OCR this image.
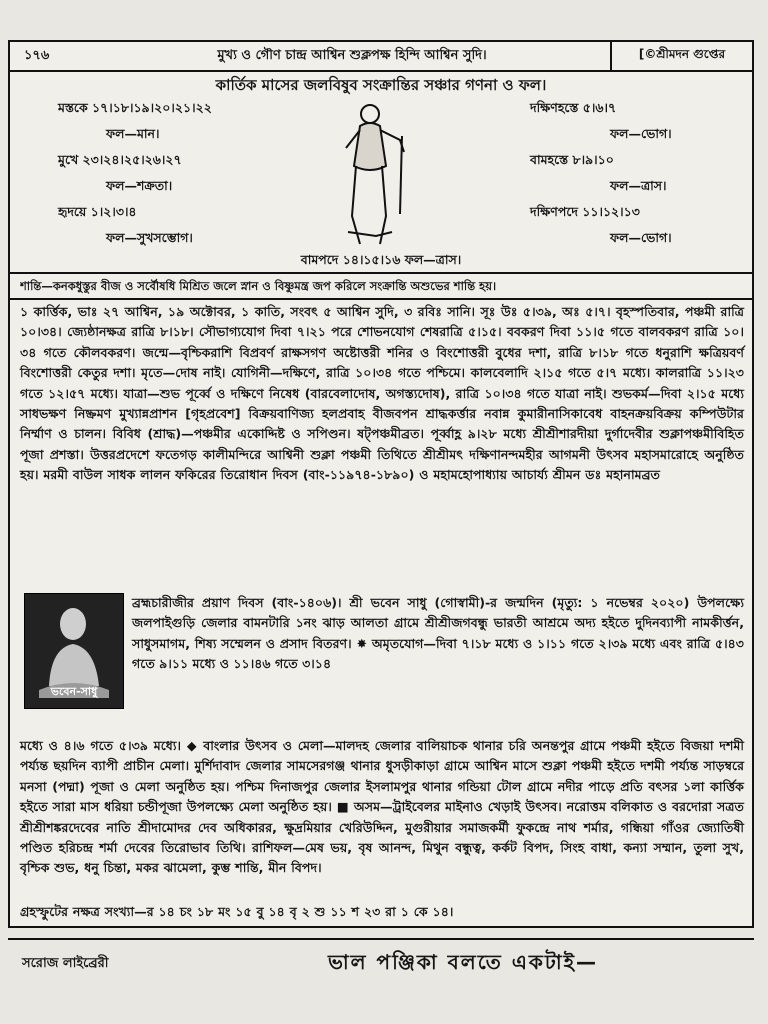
১৭৬	মুখ্য ও গৌণ চান্দ্র আশ্বিন শুক্লপক্ষ হিন্দি আশ্বিন সুদি।	[©শ্রীমদন গুপ্তের
কার্তিক মাসের জলবিষুব সংক্রান্তির সঞ্চার গণনা ও ফল।
মস্তকে ১৭।১৮।১৯।২০।২১।২২
ফল—মান।
মুখে ২৩।২৪।২৫।২৬।২৭
ফল—শক্রতা।
হৃদয়ে ১।২।৩।৪
ফল—সুখসম্ভোগ।
দক্ষিণহস্তে ৫।৬।৭
ফল—ভোগ।
বামহস্তে ৮।৯।১০
ফল—ত্রাস।
দক্ষিণপদে ১১।১২।১৩
ফল—ভোগ।
বামপদে ১৪।১৫।১৬ ফল—ত্রাস।
শান্তি—কনকধুস্তুর বীজ ও সর্বৌষধি মিশ্রিত জলে স্নান ও বিষ্ণুমন্ত্র জপ করিলে সংক্রান্তি অশুভের শান্তি হয়।
১ কার্ত্তিক, ভাঃ ২৭ আশ্বিন, ১৯ অক্টোবর, ১ কাতি, সংবৎ ৫ আশ্বিন সুদি, ৩ রবিঃ সানি। সূঃ উঃ ৫।৩৯, অঃ ৫।৭। বৃহস্পতিবার, পঞ্চমী রাত্রি ১০।৩৪। জ্যেষ্ঠানক্ষত্র রাত্রি ৮।১৮। সৌভাগ্যযোগ দিবা ৭।২১ পরে শোভনযোগ শেষরাত্রি ৫।১৫। ববকরণ দিবা ১১।৫ গতে বালবকরণ রাত্রি ১০।৩৪ গতে কৌলবকরণ। জন্মে—বৃশ্চিকরাশি বিপ্রবর্ণ রাক্ষসগণ অষ্টোত্তরী শনির ও বিংশোত্তরী বুধের দশা, রাত্রি ৮।১৮ গতে ধনুরাশি ক্ষত্রিয়বর্ণ বিংশোত্তরী কেতুর দশা। মৃতে—দোষ নাই। যোগিনী—দক্ষিণে, রাত্রি ১০।৩৪ গতে পশ্চিমে। কালবেলাদি ২।১৫ গতে ৫।৭ মধ্যে। কালরাত্রি ১১।২৩ গতে ১২।৫৭ মধ্যে। যাত্রা—শুভ পূর্ব্বে ও দক্ষিণে নিষেধ (বারবেলাদোষ, অগস্ত্যদোষ), রাত্রি ১০।৩৪ গতে যাত্রা নাই। শুভকর্ম—দিবা ২।১৫ মধ্যে সাধভক্ষণ নিষ্ক্রমণ মুখ্যান্নপ্রাশন [গৃহপ্রবেশ] বিক্রয়বাণিজ্য হলপ্রবাহ বীজবপন শ্রাদ্ধকর্ত্তার নবান্ন কুমারীনাসিকাবেধ বাহনক্রয়বিক্রয় কম্পিউটার নির্ম্মাণ ও চালন। বিবিধ (শ্রাদ্ধ)—পঞ্চমীর একোদ্দিষ্ট ও সপিণ্ডন। ষট্পঞ্চমীব্রত। পূর্ব্বাহ্ণ ৯।২৮ মধ্যে শ্রীশ্রীশারদীয়া দুর্গাদেবীর শুক্লাপঞ্চমীবিহিত পূজা প্রশস্তা। উত্তরপ্রদেশে ফতেগড় কালীমন্দিরে আশ্বিনী শুক্লা পঞ্চমী তিথিতে শ্রীশ্রীমৎ দক্ষিণানন্দমহীর আগমনী উৎসব মহাসমারোহে অনুষ্ঠিত হয়। মরমী বাউল সাধক লালন ফকিরের তিরোধান দিবস (বাং-১১৯৭৪-১৮৯০) ও মহামহোপাধ্যায় আচার্য্য শ্রীমন ডঃ মহানামব্রত
ভবেন-সাধু
ব্রহ্মচারীজীর প্রয়াণ দিবস (বাং-১৪০৬)। শ্রী ভবেন সাধু (গোস্বামী)-র জন্মদিন (মৃত্যু: ১ নভেম্বর ২০২০) উপলক্ষ্যে জলপাইগুড়ি জেলার বামনটারি ১নং ঝাড় আলতা গ্রামে শ্রীশ্রীজগবন্ধু ভারতী আশ্রমে অদ্য হইতে দুদিনব্যাপী নামকীর্ত্তন, সাধুসমাগম, শিষ্য সম্মেলন ও প্রসাদ বিতরণ। ✸ অমৃতযোগ—দিবা ৭।১৮ মধ্যে ও ১।১১ গতে ২।৩৯ মধ্যে এবং রাত্রি ৫।৪৩ গতে ৯।১১ মধ্যে ও ১১।৪৬ গতে ৩।১৪
মধ্যে ও ৪।৬ গতে ৫।৩৯ মধ্যে। ◆ বাংলার উৎসব ও মেলা—মালদহ জেলার বালিয়াচক থানার চরি অনন্তপুর গ্রামে পঞ্চমী হইতে বিজয়া দশমী পর্য্যন্ত ছয়দিন ব্যাপী প্রাচীন মেলা। মুর্শিদাবাদ জেলার সামসেরগঞ্জ থানার ধুসড়ীকাড়া গ্রামে আশ্বিন মাসে শুক্লা পঞ্চমী হইতে দশমী পর্য্যন্ত সাড়ম্বরে মনসা (পদ্মা) পূজা ও মেলা অনুষ্ঠিত হয়। পশ্চিম দিনাজপুর জেলার ইসলামপুর থানার গন্ডিয়া টোল গ্রামে নদীর পাড়ে প্রতি বৎসর ১লা কার্ত্তিক হইতে সারা মাস ধরিয়া চন্ডীপূজা উপলক্ষ্যে মেলা অনুষ্ঠিত হয়। ■ অসম—ট্রাইবেলর মাইনাও খেড়াই উৎসব। নরোত্তম বলিকাত ও বরদোরা সত্রত শ্রীশ্রীশঙ্করদেবের নাতি শ্রীদামোদর দেব অধিকারর, ক্ষুদ্রমিয়ার খেরিউদ্দিন, মুগুরীয়ার সমাজকর্মী ফুকন্দ্রে নাথ শর্মার, গন্ধিয়া গাঁওর জ্যোতিষী পণ্ডিত হরিচন্দ্র শর্মা দেবের তিরোভাব তিথি। রাশিফল—মেষ ভয়, বৃষ আনন্দ, মিথুন বন্ধুত্ব, কর্কট বিপদ, সিংহ বাধা, কন্যা সম্মান, তুলা সুখ, বৃশ্চিক শুভ, ধনু চিন্তা, মকর ঝামেলা, কুম্ভ শান্তি, মীন বিপদ।
গ্রহস্ফুটের নক্ষত্র সংখ্যা—র ১৪ চং ১৮ মং ১৫ বু ১৪ বৃ ২ শু ১১ শ ২৩ রা ১ কে ১৪।
সরোজ লাইব্রেরী	ভাল পঞ্জিকা বলতে একটাই—
